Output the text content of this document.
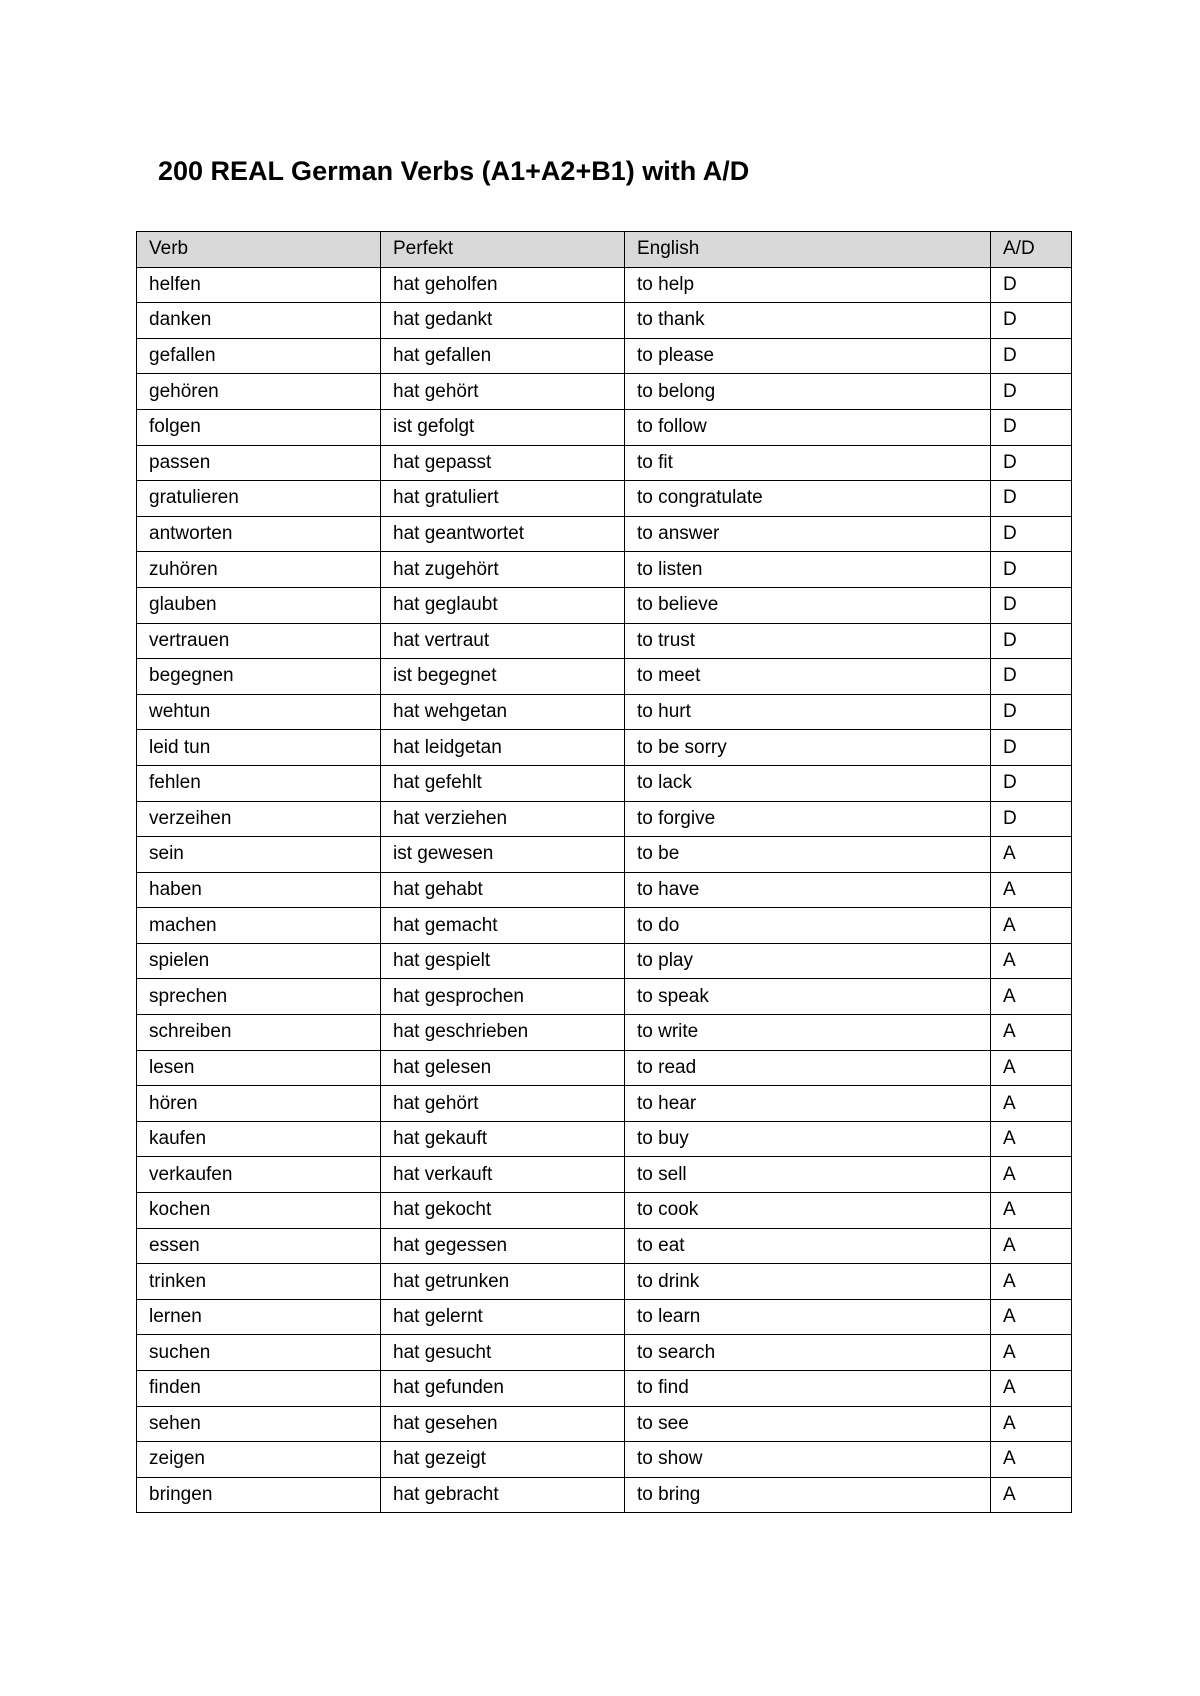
200 REAL German Verbs (A1+A2+B1) with A/D
Verb	Perfekt	English	A/D
helfen	hat geholfen	to help	D
danken	hat gedankt	to thank	D
gefallen	hat gefallen	to please	D
gehören	hat gehört	to belong	D
folgen	ist gefolgt	to follow	D
passen	hat gepasst	to fit	D
gratulieren	hat gratuliert	to congratulate	D
antworten	hat geantwortet	to answer	D
zuhören	hat zugehört	to listen	D
glauben	hat geglaubt	to believe	D
vertrauen	hat vertraut	to trust	D
begegnen	ist begegnet	to meet	D
wehtun	hat wehgetan	to hurt	D
leid tun	hat leidgetan	to be sorry	D
fehlen	hat gefehlt	to lack	D
verzeihen	hat verziehen	to forgive	D
sein	ist gewesen	to be	A
haben	hat gehabt	to have	A
machen	hat gemacht	to do	A
spielen	hat gespielt	to play	A
sprechen	hat gesprochen	to speak	A
schreiben	hat geschrieben	to write	A
lesen	hat gelesen	to read	A
hören	hat gehört	to hear	A
kaufen	hat gekauft	to buy	A
verkaufen	hat verkauft	to sell	A
kochen	hat gekocht	to cook	A
essen	hat gegessen	to eat	A
trinken	hat getrunken	to drink	A
lernen	hat gelernt	to learn	A
suchen	hat gesucht	to search	A
finden	hat gefunden	to find	A
sehen	hat gesehen	to see	A
zeigen	hat gezeigt	to show	A
bringen	hat gebracht	to bring	A
